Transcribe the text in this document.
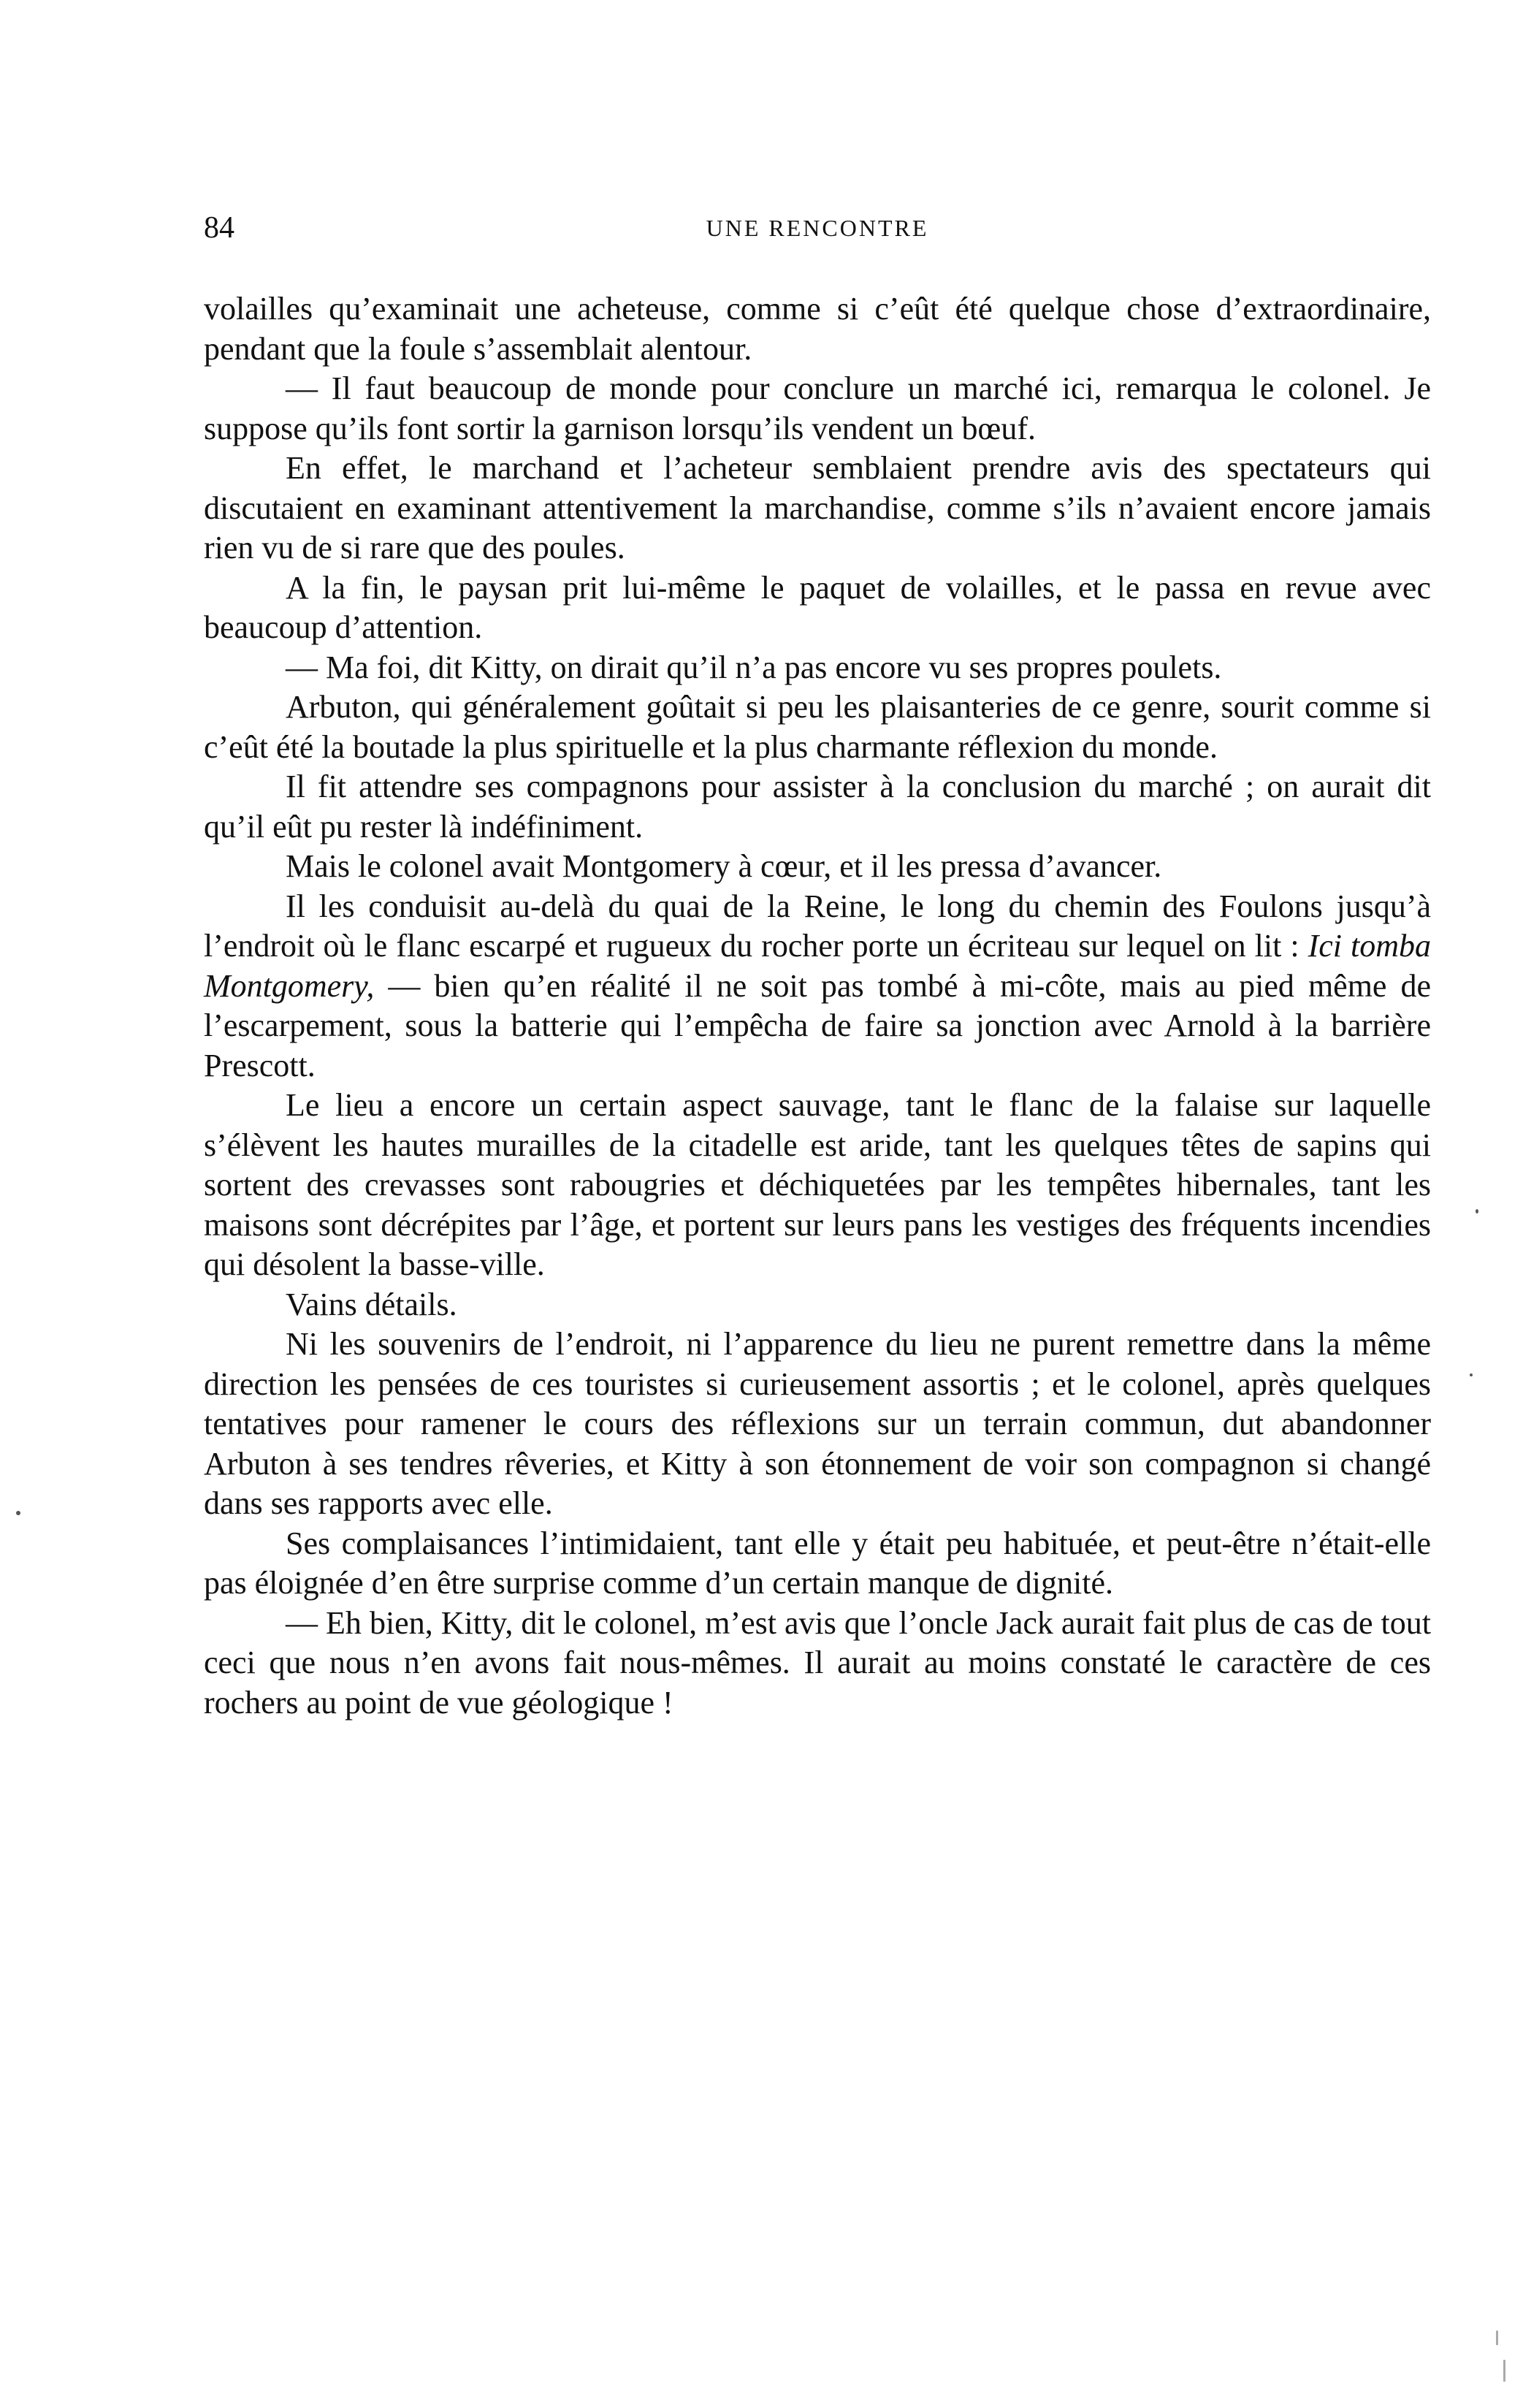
84	UNE RENCONTRE

volailles qu’examinait une acheteuse, comme si c’eût été quelque chose d’extraordinaire, pendant que la foule s’assemblait alentour.

— Il faut beaucoup de monde pour conclure un marché ici, remarqua le colonel. Je suppose qu’ils font sortir la garnison lorsqu’ils vendent un bœuf.

En effet, le marchand et l’acheteur semblaient prendre avis des spectateurs qui discutaient en examinant attentivement la marchandise, comme s’ils n’avaient encore jamais rien vu de si rare que des poules.

A la fin, le paysan prit lui-même le paquet de volailles, et le passa en revue avec beaucoup d’attention.

— Ma foi, dit Kitty, on dirait qu’il n’a pas encore vu ses propres poulets.

Arbuton, qui généralement goûtait si peu les plaisanteries de ce genre, sourit comme si c’eût été la boutade la plus spirituelle et la plus charmante réflexion du monde.

Il fit attendre ses compagnons pour assister à la conclusion du marché ; on aurait dit qu’il eût pu rester là indéfiniment.

Mais le colonel avait Montgomery à cœur, et il les pressa d’avancer.

Il les conduisit au-delà du quai de la Reine, le long du chemin des Foulons jusqu’à l’endroit où le flanc escarpé et rugueux du rocher porte un écriteau sur lequel on lit : Ici tomba Montgomery, — bien qu’en réalité il ne soit pas tombé à mi-côte, mais au pied même de l’escarpement, sous la batterie qui l’empêcha de faire sa jonction avec Arnold à la barrière Prescott.

Le lieu a encore un certain aspect sauvage, tant le flanc de la falaise sur laquelle s’élèvent les hautes murailles de la citadelle est aride, tant les quelques têtes de sapins qui sortent des crevasses sont rabougries et déchiquetées par les tempêtes hibernales, tant les maisons sont décrépites par l’âge, et portent sur leurs pans les vestiges des fréquents incendies qui désolent la basse-ville.

Vains détails.

Ni les souvenirs de l’endroit, ni l’apparence du lieu ne purent remettre dans la même direction les pensées de ces touristes si curieusement assortis ; et le colonel, après quelques tentatives pour ramener le cours des réflexions sur un terrain commun, dut abandonner Arbuton à ses tendres rêveries, et Kitty à son étonnement de voir son compagnon si changé dans ses rapports avec elle.

Ses complaisances l’intimidaient, tant elle y était peu habituée, et peut-être n’était-elle pas éloignée d’en être surprise comme d’un certain manque de dignité.

— Eh bien, Kitty, dit le colonel, m’est avis que l’oncle Jack aurait fait plus de cas de tout ceci que nous n’en avons fait nous-mêmes. Il aurait au moins constaté le caractère de ces rochers au point de vue géologique !
